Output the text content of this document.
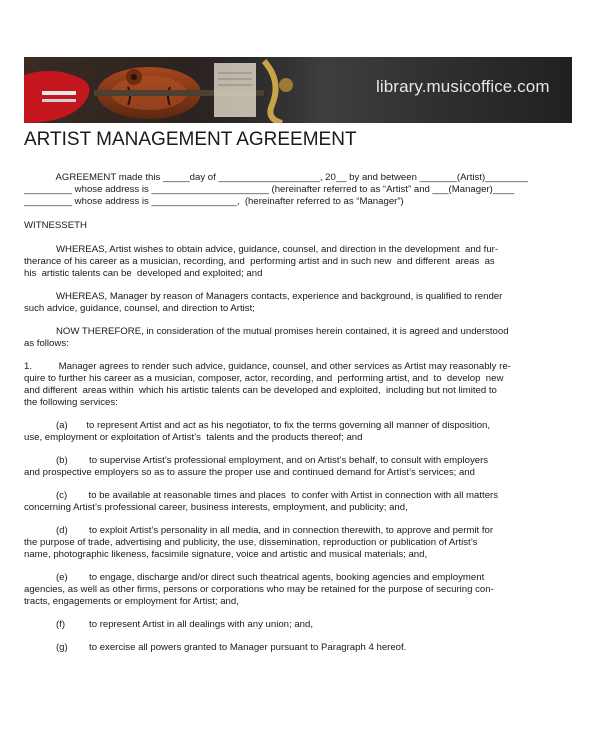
library.musicoffice.com
ARTIST MANAGEMENT AGREEMENT
AGREEMENT made this _____day of ___________________, 20__ by and between _______(Artist)________
_________ whose address is ______________________ (hereinafter referred to as “Artist” and ___(Manager)____
_________ whose address is ________________,  (hereinafter referred to as “Manager”)
WITNESSETH
WHEREAS, Artist wishes to obtain advice, guidance, counsel, and direction in the development  and fur-
therance of his career as a musician, recording, and  performing artist and in such new  and different  areas  as
his  artistic talents can be  developed and exploited; and
WHEREAS, Manager by reason of Managers contacts, experience and background, is qualified to render
such advice, guidance, counsel, and direction to Artist;
NOW THEREFORE, in consideration of the mutual promises herein contained, it is agreed and understood
as follows:
1.          Manager agrees to render such advice, guidance, counsel, and other services as Artist may reasonably re-
quire to further his career as a musician, composer, actor, recording, and  performing artist, and  to  develop  new
and different  areas within  which his artistic talents can be developed and exploited,  including but not limited to
the following services:
(a)       to represent Artist and act as his negotiator, to fix the terms governing all manner of disposition,
use, employment or exploitation of Artist’s  talents and the products thereof; and
(b)        to supervise Artist’s professional employment, and on Artist’s behalf, to consult with employers
and prospective employers so as to assure the proper use and continued demand for Artist’s services; and
(c)        to be available at reasonable times and places  to confer with Artist in connection with all matters
concerning Artist’s professional career, business interests, employment, and publicity; and,
(d)        to exploit Artist’s personality in all media, and in connection therewith, to approve and permit for
the purpose of trade, advertising and publicity, the use, dissemination, reproduction or publication of Artist’s
name, photographic likeness, facsimile signature, voice and artistic and musical materials; and,
(e)        to engage, discharge and/or direct such theatrical agents, booking agencies and employment
agencies, as well as other firms, persons or corporations who may be retained for the purpose of securing con-
tracts, engagements or employment for Artist; and,
(f)         to represent Artist in all dealings with any union; and,
(g)        to exercise all powers granted to Manager pursuant to Paragraph 4 hereof.
